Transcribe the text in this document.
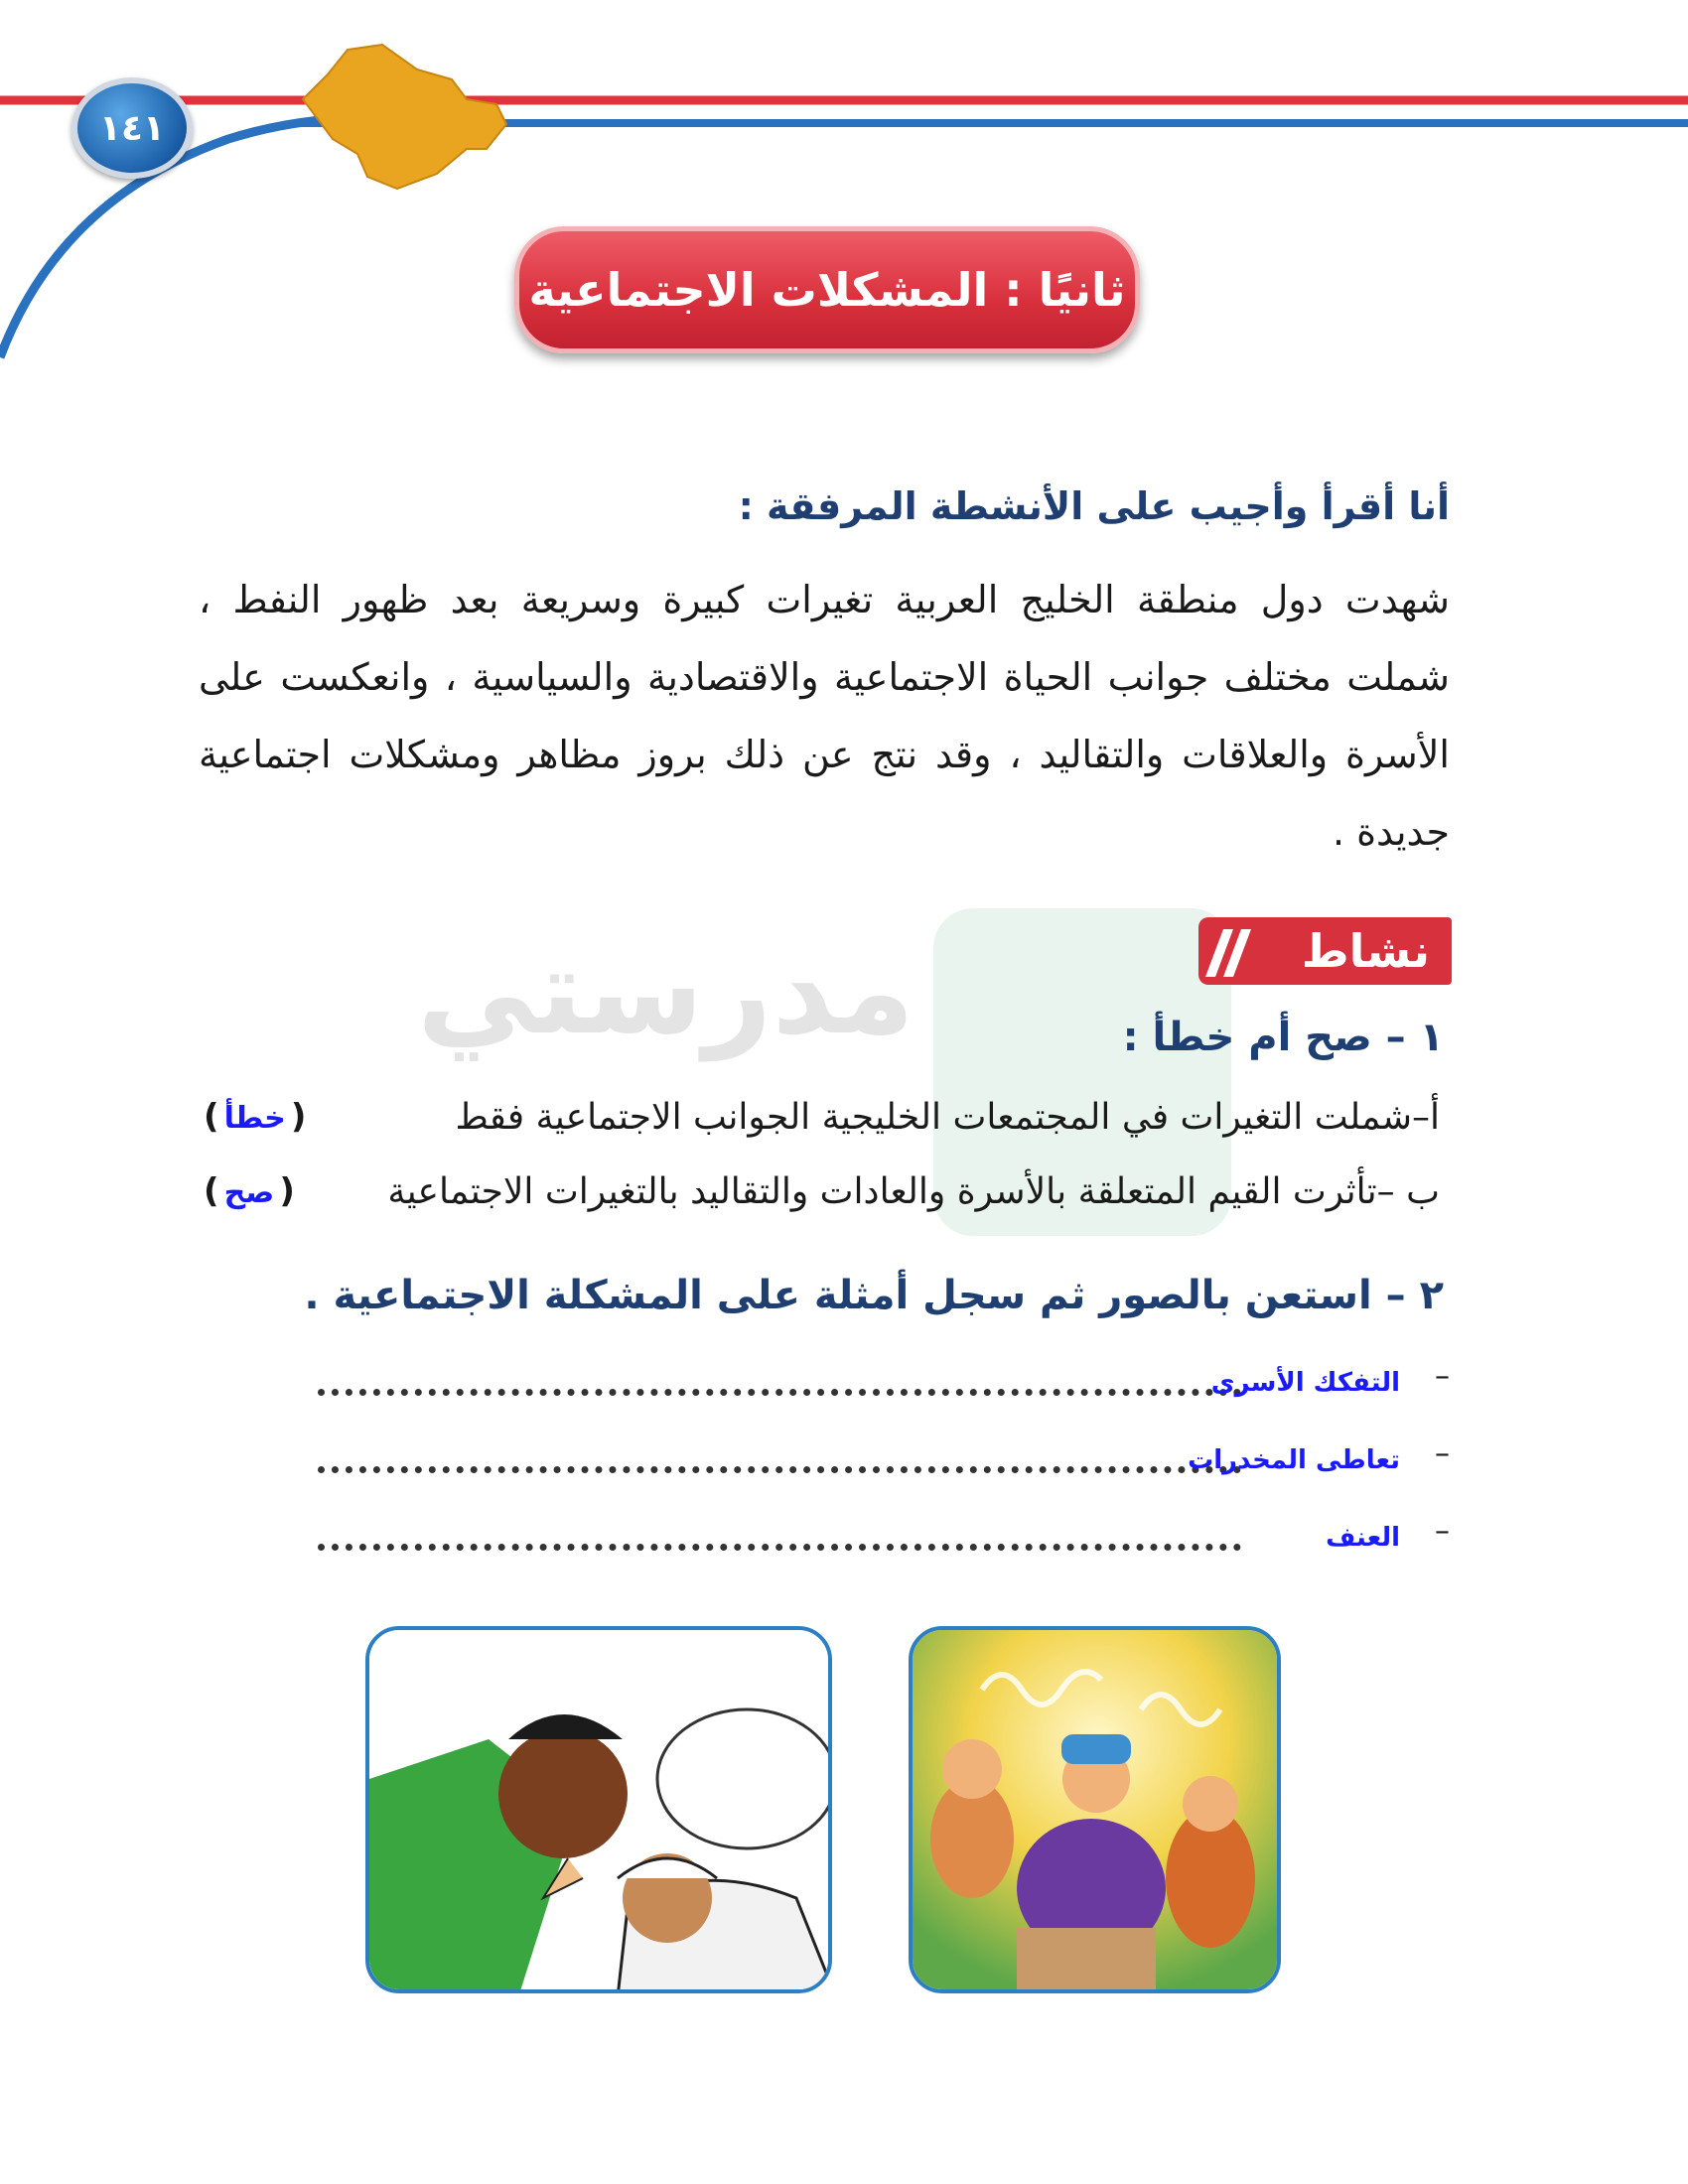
١٤١
ثانيًا : المشكلات الاجتماعية
أنا أقرأ وأجيب على الأنشطة المرفقة :
شهدت دول منطقة الخليج العربية تغيرات كبيرة وسريعة بعد ظهور النفط ، شملت مختلف جوانب الحياة الاجتماعية والاقتصادية والسياسية ، وانعكست على الأسرة والعلاقات والتقاليد ، وقد نتج عن ذلك بروز مظاهر ومشكلات اجتماعية جديدة .
مدرستي	نشاط
١ – صح أم خطأ :
أ–شملت التغيرات في المجتمعات الخليجية الجوانب الاجتماعية فقط
( خطأ )
ب –تأثرت القيم المتعلقة بالأسرة والعادات والتقاليد بالتغيرات الاجتماعية
( صح )
٢ – استعن بالصور ثم سجل أمثلة على المشكلة الاجتماعية .
التفكك الأسرى –
تعاطى المخدرات –
العنف –
